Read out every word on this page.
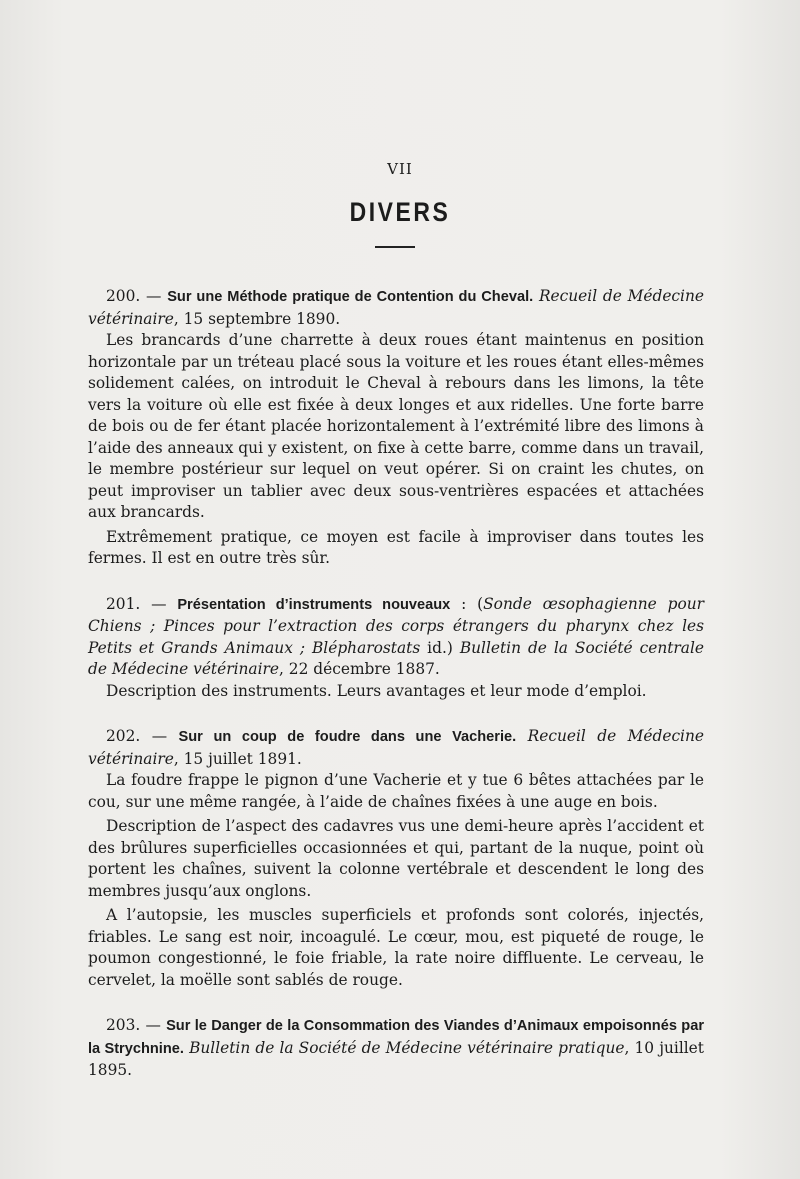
VII
DIVERS

200. — Sur une Méthode pratique de Contention du Cheval. Recueil de Médecine vétérinaire, 15 septembre 1890.

Les brancards d’une charrette à deux roues étant maintenus en position horizontale par un tréteau placé sous la voiture et les roues étant elles-mêmes solidement calées, on introduit le Cheval à rebours dans les limons, la tête vers la voiture où elle est fixée à deux longes et aux ridelles. Une forte barre de bois ou de fer étant placée horizontalement à l’extrémité libre des limons à l’aide des anneaux qui y existent, on fixe à cette barre, comme dans un travail, le membre postérieur sur lequel on veut opérer. Si on craint les chutes, on peut improviser un tablier avec deux sous-ventrières espacées et attachées aux brancards.

Extrêmement pratique, ce moyen est facile à improviser dans toutes les fermes. Il est en outre très sûr.

201. — Présentation d’instruments nouveaux : (Sonde œsophagienne pour Chiens ; Pinces pour l’extraction des corps étrangers du pharynx chez les Petits et Grands Animaux ; Blépharostats id.) Bulletin de la Société centrale de Médecine vétérinaire, 22 décembre 1887.

Description des instruments. Leurs avantages et leur mode d’emploi.

202. — Sur un coup de foudre dans une Vacherie. Recueil de Médecine vétérinaire, 15 juillet 1891.

La foudre frappe le pignon d’une Vacherie et y tue 6 bêtes attachées par le cou, sur une même rangée, à l’aide de chaînes fixées à une auge en bois.

Description de l’aspect des cadavres vus une demi-heure après l’accident et des brûlures superficielles occasionnées et qui, partant de la nuque, point où portent les chaînes, suivent la colonne vertébrale et descendent le long des membres jusqu’aux onglons.

A l’autopsie, les muscles superficiels et profonds sont colorés, injectés, friables. Le sang est noir, incoagulé. Le cœur, mou, est piqueté de rouge, le poumon congestionné, le foie friable, la rate noire diffluente. Le cerveau, le cervelet, la moëlle sont sablés de rouge.

203. — Sur le Danger de la Consommation des Viandes d’Animaux empoisonnés par la Strychnine. Bulletin de la Société de Médecine vétérinaire pratique, 10 juillet 1895.
